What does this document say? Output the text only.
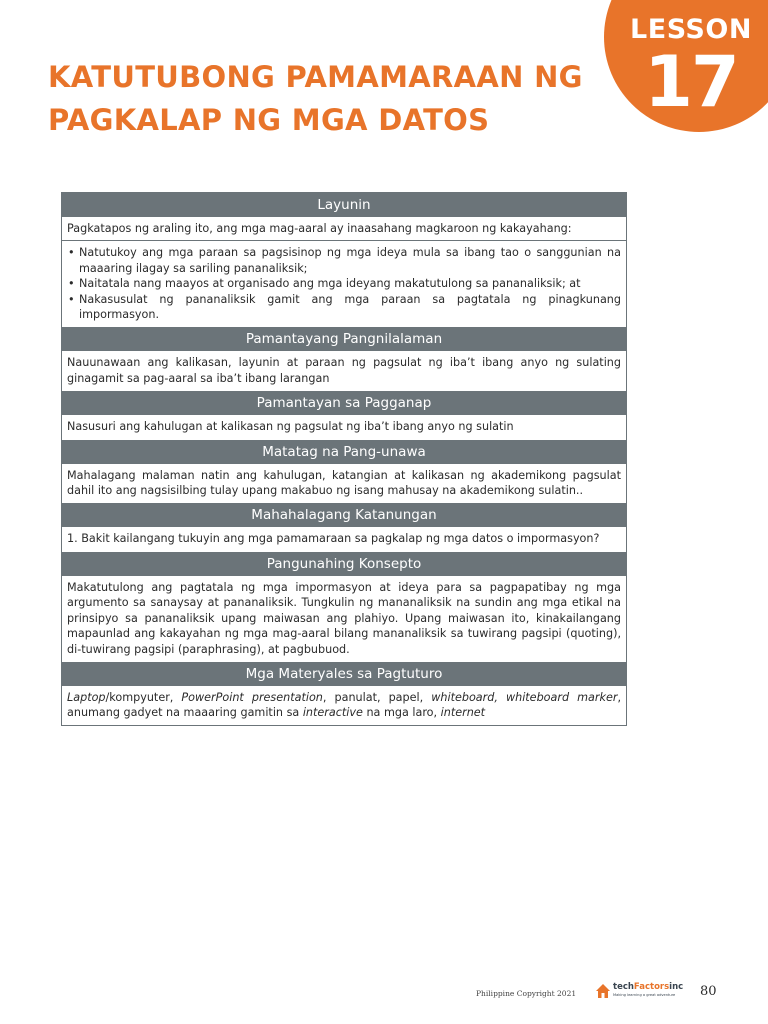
LESSON
17
KATUTUBONG PAMAMARAAN NG PAGKALAP NG MGA DATOS
Layunin
Pagkatapos ng araling ito, ang mga mag-aaral ay inaasahang magkaroon ng kakayahang:
• Natutukoy ang mga paraan sa pagsisinop ng mga ideya mula sa ibang tao o sanggunian na maaaring ilagay sa sariling pananaliksik;
• Naitatala nang maayos at organisado ang mga ideyang makatutulong sa pananaliksik; at
• Nakasusulat ng pananaliksik gamit ang mga paraan sa pagtatala ng pinagkunang impormasyon.
Pamantayang Pangnilalaman
Nauunawaan ang kalikasan, layunin at paraan ng pagsulat ng iba’t ibang anyo ng sulating ginagamit sa pag-aaral sa iba’t ibang larangan
Pamantayan sa Pagganap
Nasusuri ang kahulugan at kalikasan ng pagsulat ng iba’t ibang anyo ng sulatin
Matatag na Pang-unawa
Mahalagang malaman natin ang kahulugan, katangian at kalikasan ng akademikong pagsulat dahil ito ang nagsisilbing tulay upang makabuo ng isang mahusay na akademikong sulatin..
Mahahalagang Katanungan
1. Bakit kailangang tukuyin ang mga pamamaraan sa pagkalap ng mga datos o impormasyon?
Pangunahing Konsepto
Makatutulong ang pagtatala ng mga impormasyon at ideya para sa pagpapatibay ng mga argumento sa sanaysay at pananaliksik. Tungkulin ng mananaliksik na sundin ang mga etikal na prinsipyo sa pananaliksik upang maiwasan ang plahiyo. Upang maiwasan ito, kinakailangang mapaunlad ang kakayahan ng mga mag-aaral bilang mananaliksik sa tuwirang pagsipi (quoting), di-tuwirang pagsipi (paraphrasing), at pagbubuod.
Mga Materyales sa Pagtuturo
Laptop/kompyuter, PowerPoint presentation, panulat, papel, whiteboard, whiteboard marker, anumang gadyet na maaaring gamitin sa interactive na mga laro, internet
Philippine Copyright 2021
techFactorsinc
Making learning a great adventure 80
